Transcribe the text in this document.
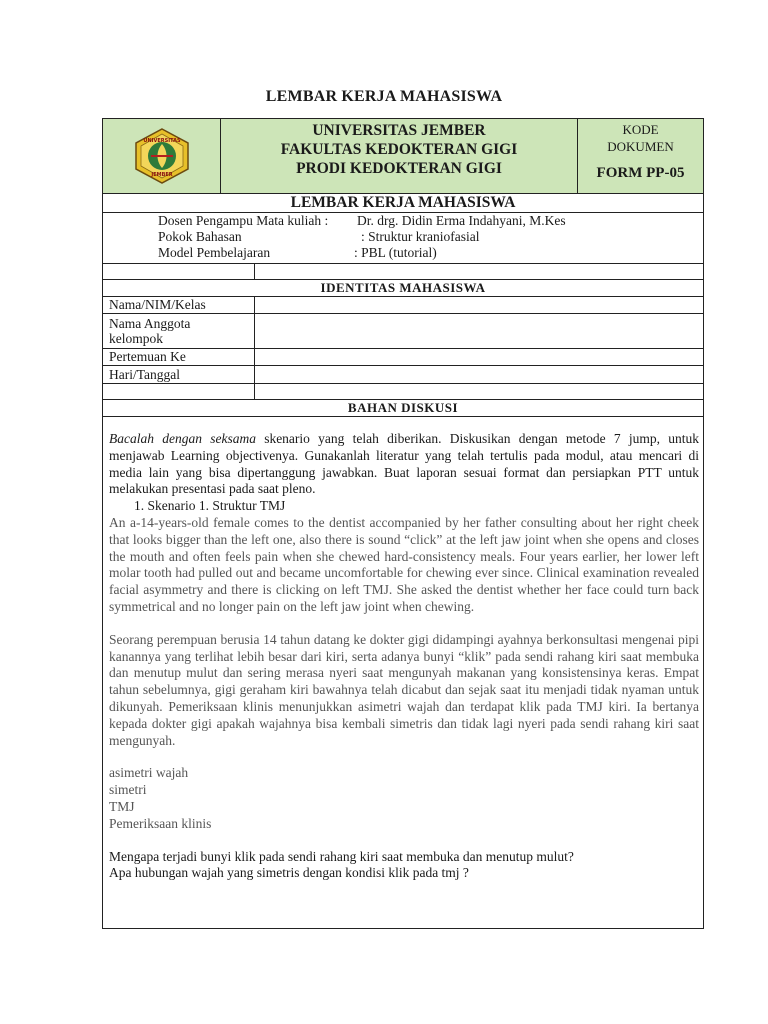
LEMBAR KERJA MAHASISWA
UNIVERSITAS
JEMBER
UNIVERSITAS JEMBER
FAKULTAS KEDOKTERAN GIGI
PRODI KEDOKTERAN GIGI
KODE
DOKUMEN
FORM PP-05
LEMBAR KERJA MAHASISWA
Dosen Pengampu Mata kuliah : Dr. drg. Didin Erma Indahyani, M.Kes
Pokok Bahasan	: Struktur kraniofasial
Model Pembelajaran	: PBL (tutorial)
IDENTITAS MAHASISWA
Nama/NIM/Kelas
Nama Anggota kelompok
Pertemuan Ke
Hari/Tanggal
BAHAN DISKUSI

Bacalah dengan seksama skenario yang telah diberikan. Diskusikan dengan metode 7 jump, untuk menjawab Learning objectivenya. Gunakanlah literatur yang telah tertulis pada modul, atau mencari di media lain yang bisa dipertanggung jawabkan. Buat laporan sesuai format dan persiapkan PTT untuk melakukan presentasi pada saat pleno.

1. Skenario 1. Struktur TMJ

An a-14-years-old female comes to the dentist accompanied by her father consulting about her right cheek that looks bigger than the left one, also there is sound “click” at the left jaw joint when she opens and closes the mouth and often feels pain when she chewed hard-consistency meals. Four years earlier, her lower left molar tooth had pulled out and became uncomfortable for chewing ever since. Clinical examination revealed facial asymmetry and there is clicking on left TMJ. She asked the dentist whether her face could turn back symmetrical and no longer pain on the left jaw joint when chewing.

Seorang perempuan berusia 14 tahun datang ke dokter gigi didampingi ayahnya berkonsultasi mengenai pipi kanannya yang terlihat lebih besar dari kiri, serta adanya bunyi “klik” pada sendi rahang kiri saat membuka dan menutup mulut dan sering merasa nyeri saat mengunyah makanan yang konsistensinya keras. Empat tahun sebelumnya, gigi geraham kiri bawahnya telah dicabut dan sejak saat itu menjadi tidak nyaman untuk dikunyah. Pemeriksaan klinis menunjukkan asimetri wajah dan terdapat klik pada TMJ kiri. Ia bertanya kepada dokter gigi apakah wajahnya bisa kembali simetris dan tidak lagi nyeri pada sendi rahang kiri saat mengunyah.

asimetri wajah
simetri
TMJ
Pemeriksaan klinis
Mengapa terjadi bunyi klik pada sendi rahang kiri saat membuka dan menutup mulut?
Apa hubungan wajah yang simetris dengan kondisi klik pada tmj ?
